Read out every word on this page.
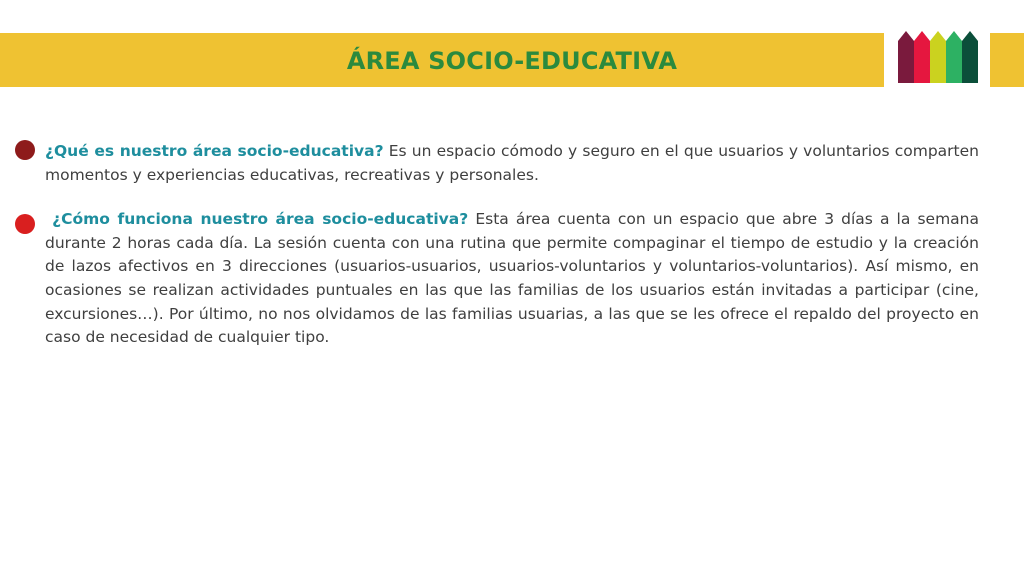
ÁREA SOCIO-EDUCATIVA

¿Qué es nuestro área socio-educativa? Es un espacio cómodo y seguro en el que usuarios y voluntarios comparten momentos y experiencias educativas, recreativas y personales.

¿Cómo funciona nuestro área socio-educativa? Esta área cuenta con un espacio que abre 3 días a la semana durante 2 horas cada día. La sesión cuenta con una rutina que permite compaginar el tiempo de estudio y la creación de lazos afectivos en 3 direcciones (usuarios-usuarios, usuarios-voluntarios y voluntarios-voluntarios). Así mismo, en ocasiones se realizan actividades puntuales en las que las familias de los usuarios están invitadas a participar (cine, excursiones…). Por último, no nos olvidamos de las familias usuarias, a las que se les ofrece el repaldo del proyecto en caso de necesidad de cualquier tipo.
